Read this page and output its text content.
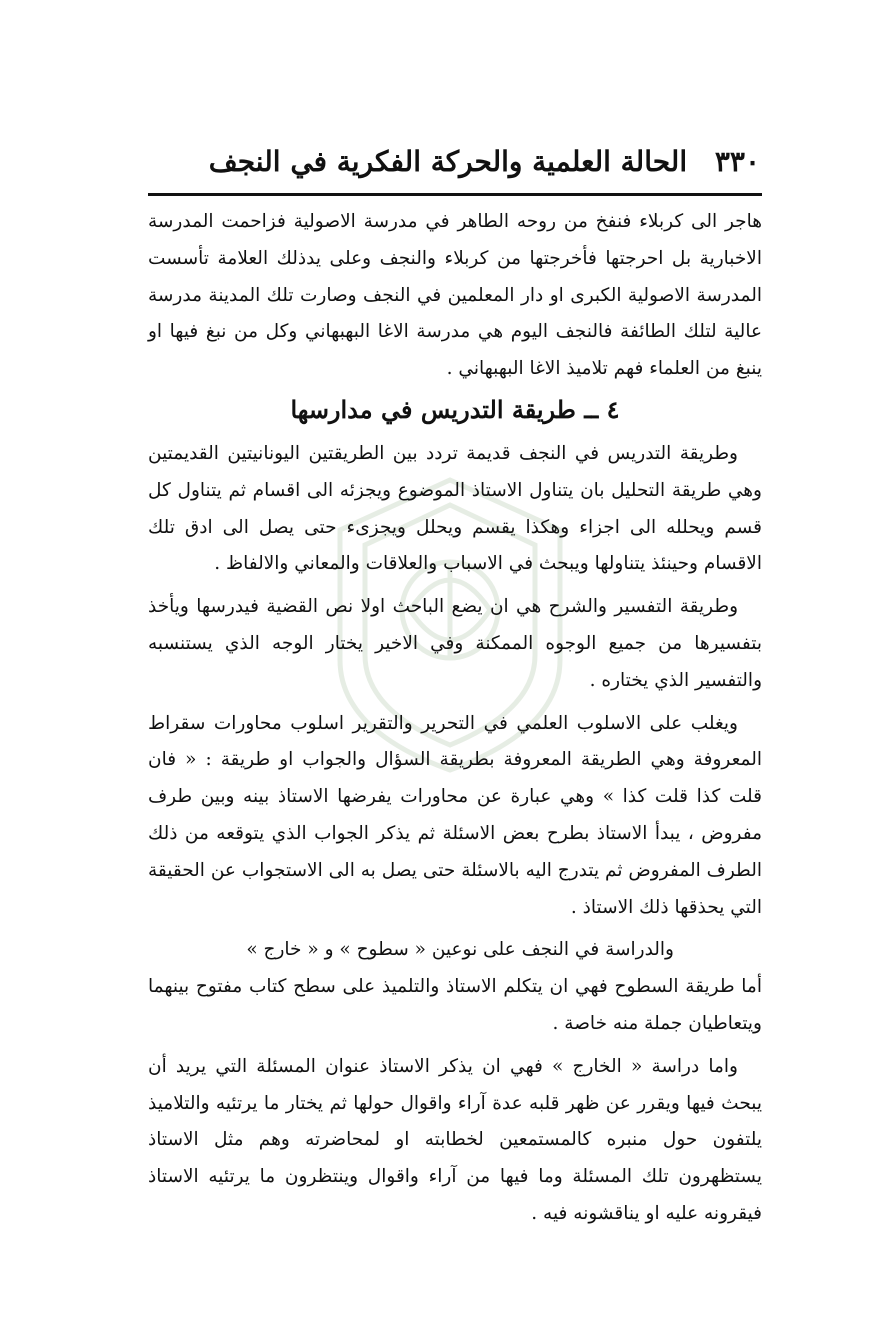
٣٣٠ الحالة العلمية والحركة الفكرية في النجف

هاجر الى كربلاء فنفخ من روحه الطاهر في مدرسة الاصولية فزاحمت المدرسة الاخبارية بل احرجتها فأخرجتها من كربلاء والنجف وعلى يدذلك العلامة تأسست المدرسة الاصولية الكبرى او دار المعلمين في النجف وصارت تلك المدينة مدرسة عالية لتلك الطائفة فالنجف اليوم هي مدرسة الاغا البهبهاني وكل من نبغ فيها او ينبغ من العلماء فهم تلاميذ الاغا البهبهاني .

٤ ــ طريقة التدريس في مدارسها

وطريقة التدريس في النجف قديمة تردد بين الطريقتين اليونانيتين القديمتين وهي طريقة التحليل بان يتناول الاستاذ الموضوع ويجزئه الى اقسام ثم يتناول كل قسم ويحلله الى اجزاء وهكذا يقسم ويحلل ويجزىء حتى يصل الى ادق تلك الاقسام وحينئذ يتناولها ويبحث في الاسباب والعلاقات والمعاني والالفاظ .

وطريقة التفسير والشرح هي ان يضع الباحث اولا نص القضية فيدرسها ويأخذ بتفسيرها من جميع الوجوه الممكنة وفي الاخير يختار الوجه الذي يستنسبه والتفسير الذي يختاره .

ويغلب على الاسلوب العلمي في التحرير والتقرير اسلوب محاورات سقراط المعروفة وهي الطريقة المعروفة بطريقة السؤال والجواب او طريقة : « فان قلت كذا قلت كذا » وهي عبارة عن محاورات يفرضها الاستاذ بينه وبين طرف مفروض ، يبدأ الاستاذ بطرح بعض الاسئلة ثم يذكر الجواب الذي يتوقعه من ذلك الطرف المفروض ثم يتدرج اليه بالاسئلة حتى يصل به الى الاستجواب عن الحقيقة التي يحذقها ذلك الاستاذ .

والدراسة في النجف على نوعين « سطوح » و « خارج »

أما طريقة السطوح فهي ان يتكلم الاستاذ والتلميذ على سطح كتاب مفتوح بينهما ويتعاطيان جملة منه خاصة .

واما دراسة « الخارج » فهي ان يذكر الاستاذ عنوان المسئلة التي يريد أن يبحث فيها ويقرر عن ظهر قلبه عدة آراء واقوال حولها ثم يختار ما يرتئيه والتلاميذ يلتفون حول منبره كالمستمعين لخطابته او لمحاضرته وهم مثل الاستاذ يستظهرون تلك المسئلة وما فيها من آراء واقوال وينتظرون ما يرتئيه الاستاذ فيقرونه عليه او يناقشونه فيه .
